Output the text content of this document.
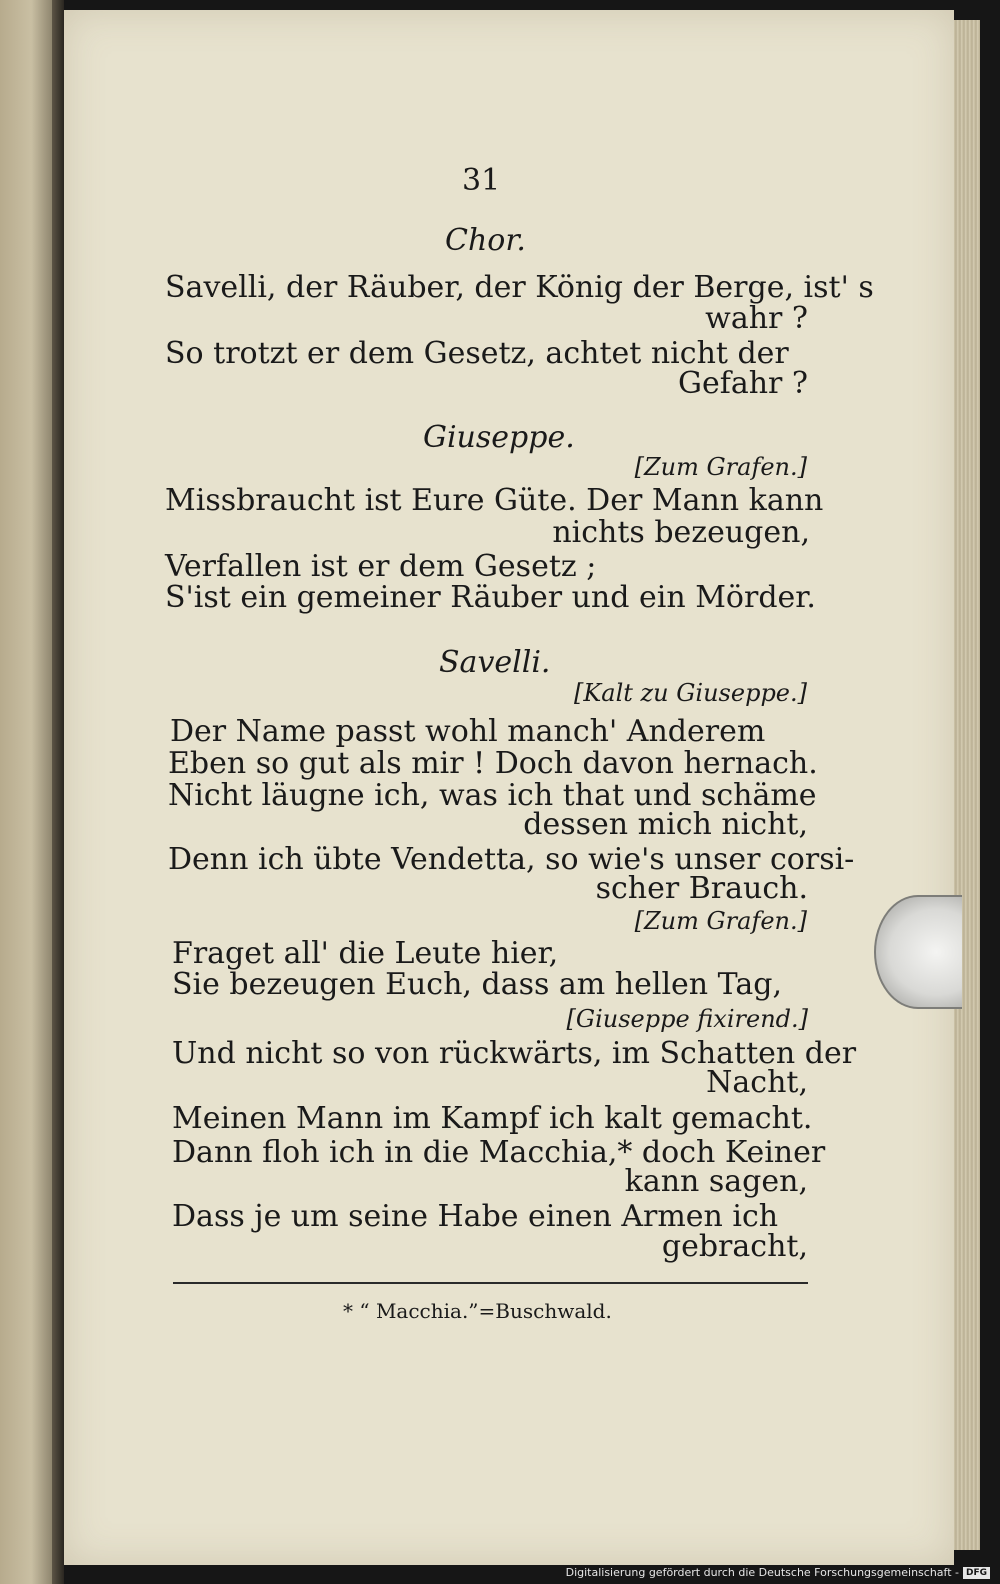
31
Chor.
Savelli, der Räuber, der König der Berge, ist' s
wahr ?
So trotzt er dem Gesetz, achtet nicht der
Gefahr ?
Giuseppe.
[Zum Grafen.]
Missbraucht ist Eure Güte. Der Mann kann
nichts bezeugen,
Verfallen ist er dem Gesetz ;
S'ist ein gemeiner Räuber und ein Mörder.
Savelli.
[Kalt zu Giuseppe.]
Der Name passt wohl manch' Anderem
Eben so gut als mir ! Doch davon hernach.
Nicht läugne ich, was ich that und schäme
dessen mich nicht,
Denn ich übte Vendetta, so wie's unser corsi-
scher Brauch.
[Zum Grafen.]
Fraget all' die Leute hier,
Sie bezeugen Euch, dass am hellen Tag,
[Giuseppe fixirend.]
Und nicht so von rückwärts, im Schatten der
Nacht,
Meinen Mann im Kampf ich kalt gemacht.
Dann floh ich in die Macchia,* doch Keiner
kann sagen,
Dass je um seine Habe einen Armen ich
gebracht,
* “ Macchia.”=Buschwald.
Digitalisierung gefördert durch die Deutsche Forschungsgemeinschaft - DFG
